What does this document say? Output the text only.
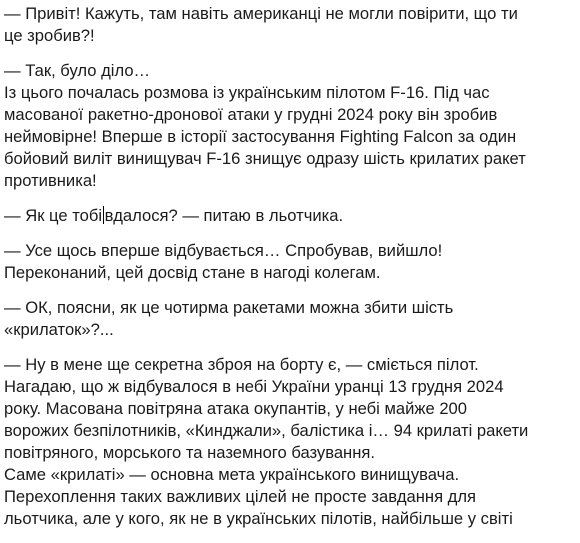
— Привіт! Кажуть, там навіть американці не могли повірити, що ти
це зробив?!

— Так, було діло…

Із цього почалась розмова із українським пілотом F-16. Під час
масованої ракетно-дронової атаки у грудні 2024 року він зробив
неймовірне! Вперше в історії застосування Fighting Falcon за один
бойовий виліт винищувач F-16 знищує одразу шість крилатих ракет
противника!

— Як це тобі вдалося? — питаю в льотчика.

— Усе щось вперше відбувається… Спробував, вийшло!
Переконаний, цей досвід стане в нагоді колегам.

— ОК, поясни, як це чотирма ракетами можна збити шість
«крилаток»?...

— Ну в мене ще секретна зброя на борту є, — сміється пілот.
Нагадаю, що ж відбувалося в небі України уранці 13 грудня 2024
року. Масована повітряна атака окупантів, у небі майже 200
ворожих безпілотників, «Кинджали», балістика і… 94 крилаті ракети
повітряного, морського та наземного базування.
Саме «крилаті» — основна мета українського винищувача.
Перехоплення таких важливих цілей не просте завдання для
льотчика, але у кого, як не в українських пілотів, найбільше у світі
